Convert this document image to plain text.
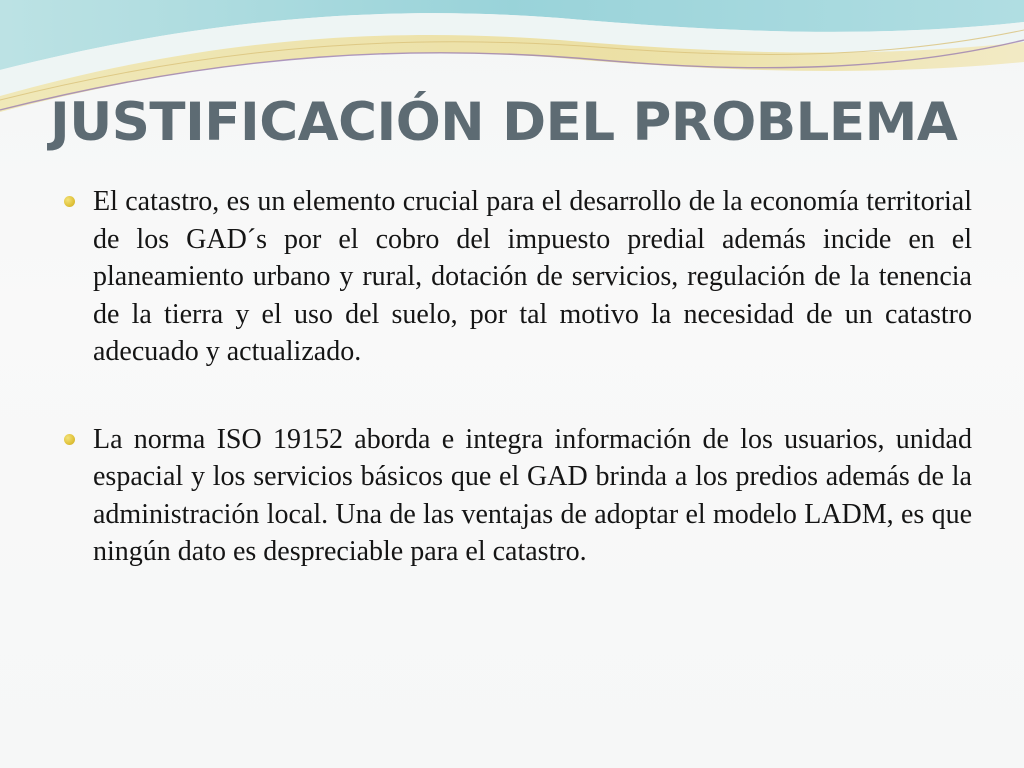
JUSTIFICACIÓN DEL PROBLEMA

El catastro, es un elemento crucial para el desarrollo de la economía territorial de los GAD´s por el cobro del impuesto predial además incide en el planeamiento urbano y rural, dotación de servicios, regulación de la tenencia de la tierra y el uso del suelo, por tal motivo la necesidad de un catastro adecuado y actualizado.

La norma ISO 19152 aborda e integra información de los usuarios, unidad espacial y los servicios básicos que el GAD brinda a los predios además de la administración local. Una de las ventajas de adoptar el modelo LADM, es que ningún dato es despreciable para el catastro.
